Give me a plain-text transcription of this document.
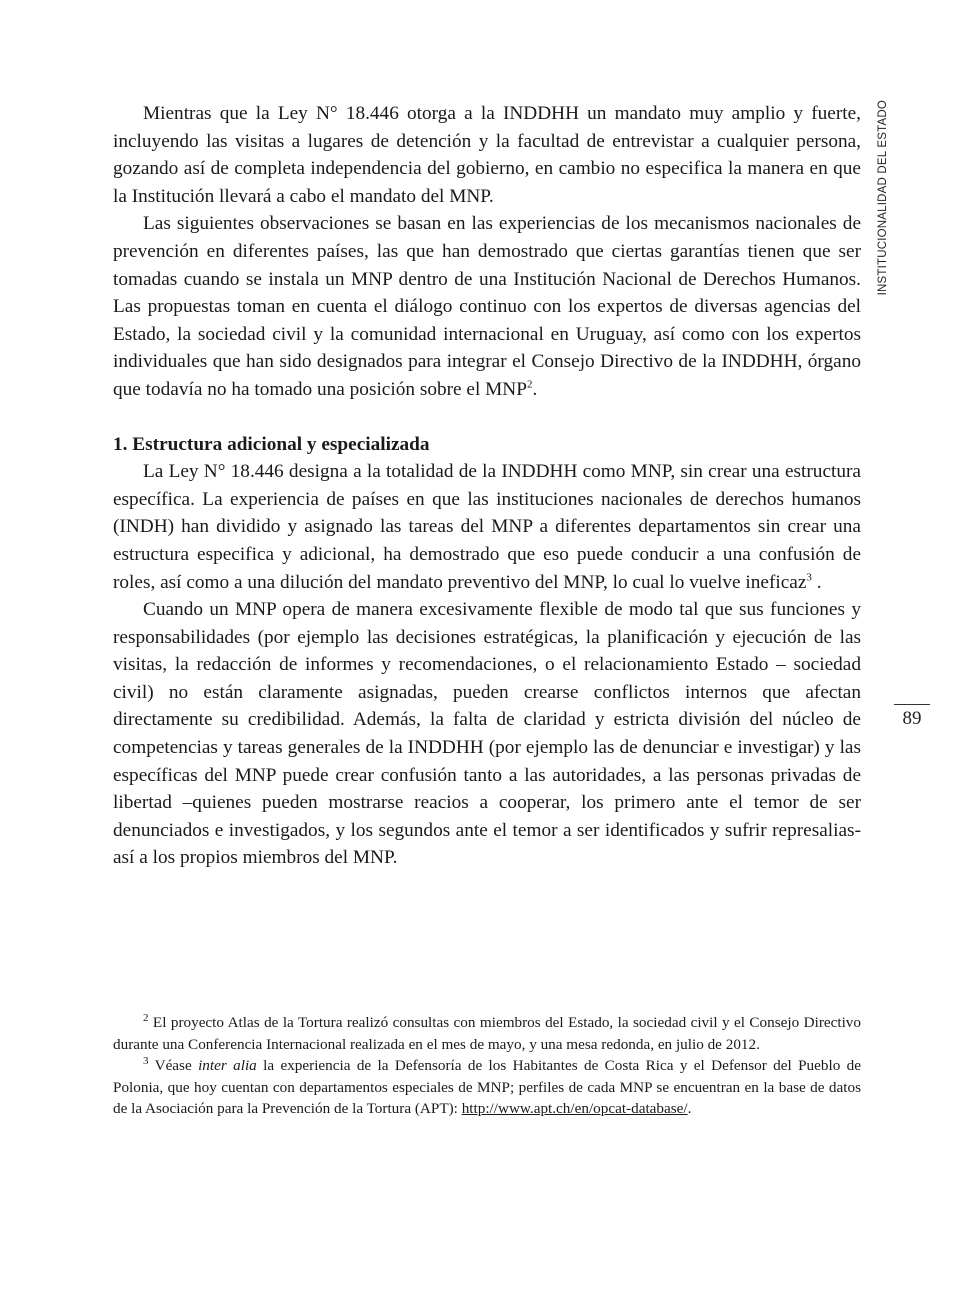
Mientras que la Ley N° 18.446 otorga a la INDDHH un mandato muy amplio y fuerte, incluyendo las visitas a lugares de detención y la facultad de entrevistar a cualquier persona, gozando así de completa independencia del gobierno, en cambio no especifica la manera en que la Institución llevará a cabo el mandato del MNP.

Las siguientes observaciones se basan en las experiencias de los mecanismos nacionales de prevención en diferentes países, las que han demostrado que ciertas garantías tienen que ser tomadas cuando se instala un MNP dentro de una Institución Nacional de Derechos Humanos. Las propuestas toman en cuenta el diálogo continuo con los expertos de diversas agencias del Estado, la sociedad civil y la comunidad internacional en Uruguay, así como con los expertos individuales que han sido designados para integrar el Consejo Directivo de la INDDHH, órgano que todavía no ha tomado una posición sobre el MNP$^2$.

1. Estructura adicional y especializada

La Ley N° 18.446 designa a la totalidad de la INDDHH como MNP, sin crear una estructura específica. La experiencia de países en que las instituciones nacionales de derechos humanos (INDH) han dividido y asignado las tareas del MNP a diferentes departamentos sin crear una estructura especifica y adicional, ha demostrado que eso puede conducir a una confusión de roles, así como a una dilución del mandato preventivo del MNP, lo cual lo vuelve ineficaz$^3$ .

Cuando un MNP opera de manera excesivamente flexible de modo tal que sus funciones y responsabilidades (por ejemplo las decisiones estratégicas, la planificación y ejecución de las visitas, la redacción de informes y recomendaciones, o el relacionamiento Estado – sociedad civil) no están claramente asignadas, pueden crearse conflictos internos que afectan directamente su credibilidad. Además, la falta de claridad y estricta división del núcleo de competencias y tareas generales de la INDDHH (por ejemplo las de denunciar e investigar) y las específicas del MNP puede crear confusión tanto a las autoridades, a las personas privadas de libertad –quienes pueden mostrarse reacios a cooperar, los primero ante el temor de ser denunciados e investigados, y los segundos ante el temor a ser identificados y sufrir represalias- así a los propios miembros del MNP.

$^2$ El proyecto Atlas de la Tortura realizó consultas con miembros del Estado, la sociedad civil y el Consejo Directivo durante una Conferencia Internacional realizada en el mes de mayo, y una mesa redonda, en julio de 2012.

$^3$ Véase inter alia la experiencia de la Defensoría de los Habitantes de Costa Rica y el Defensor del Pueblo de Polonia, que hoy cuentan con departamentos especiales de MNP; perfiles de cada MNP se encuentran en la base de datos de la Asociación para la Prevención de la Tortura (APT): http://www.apt.ch/en/opcat-database/.

INSTITUCIONALIDAD DEL ESTADO
89
